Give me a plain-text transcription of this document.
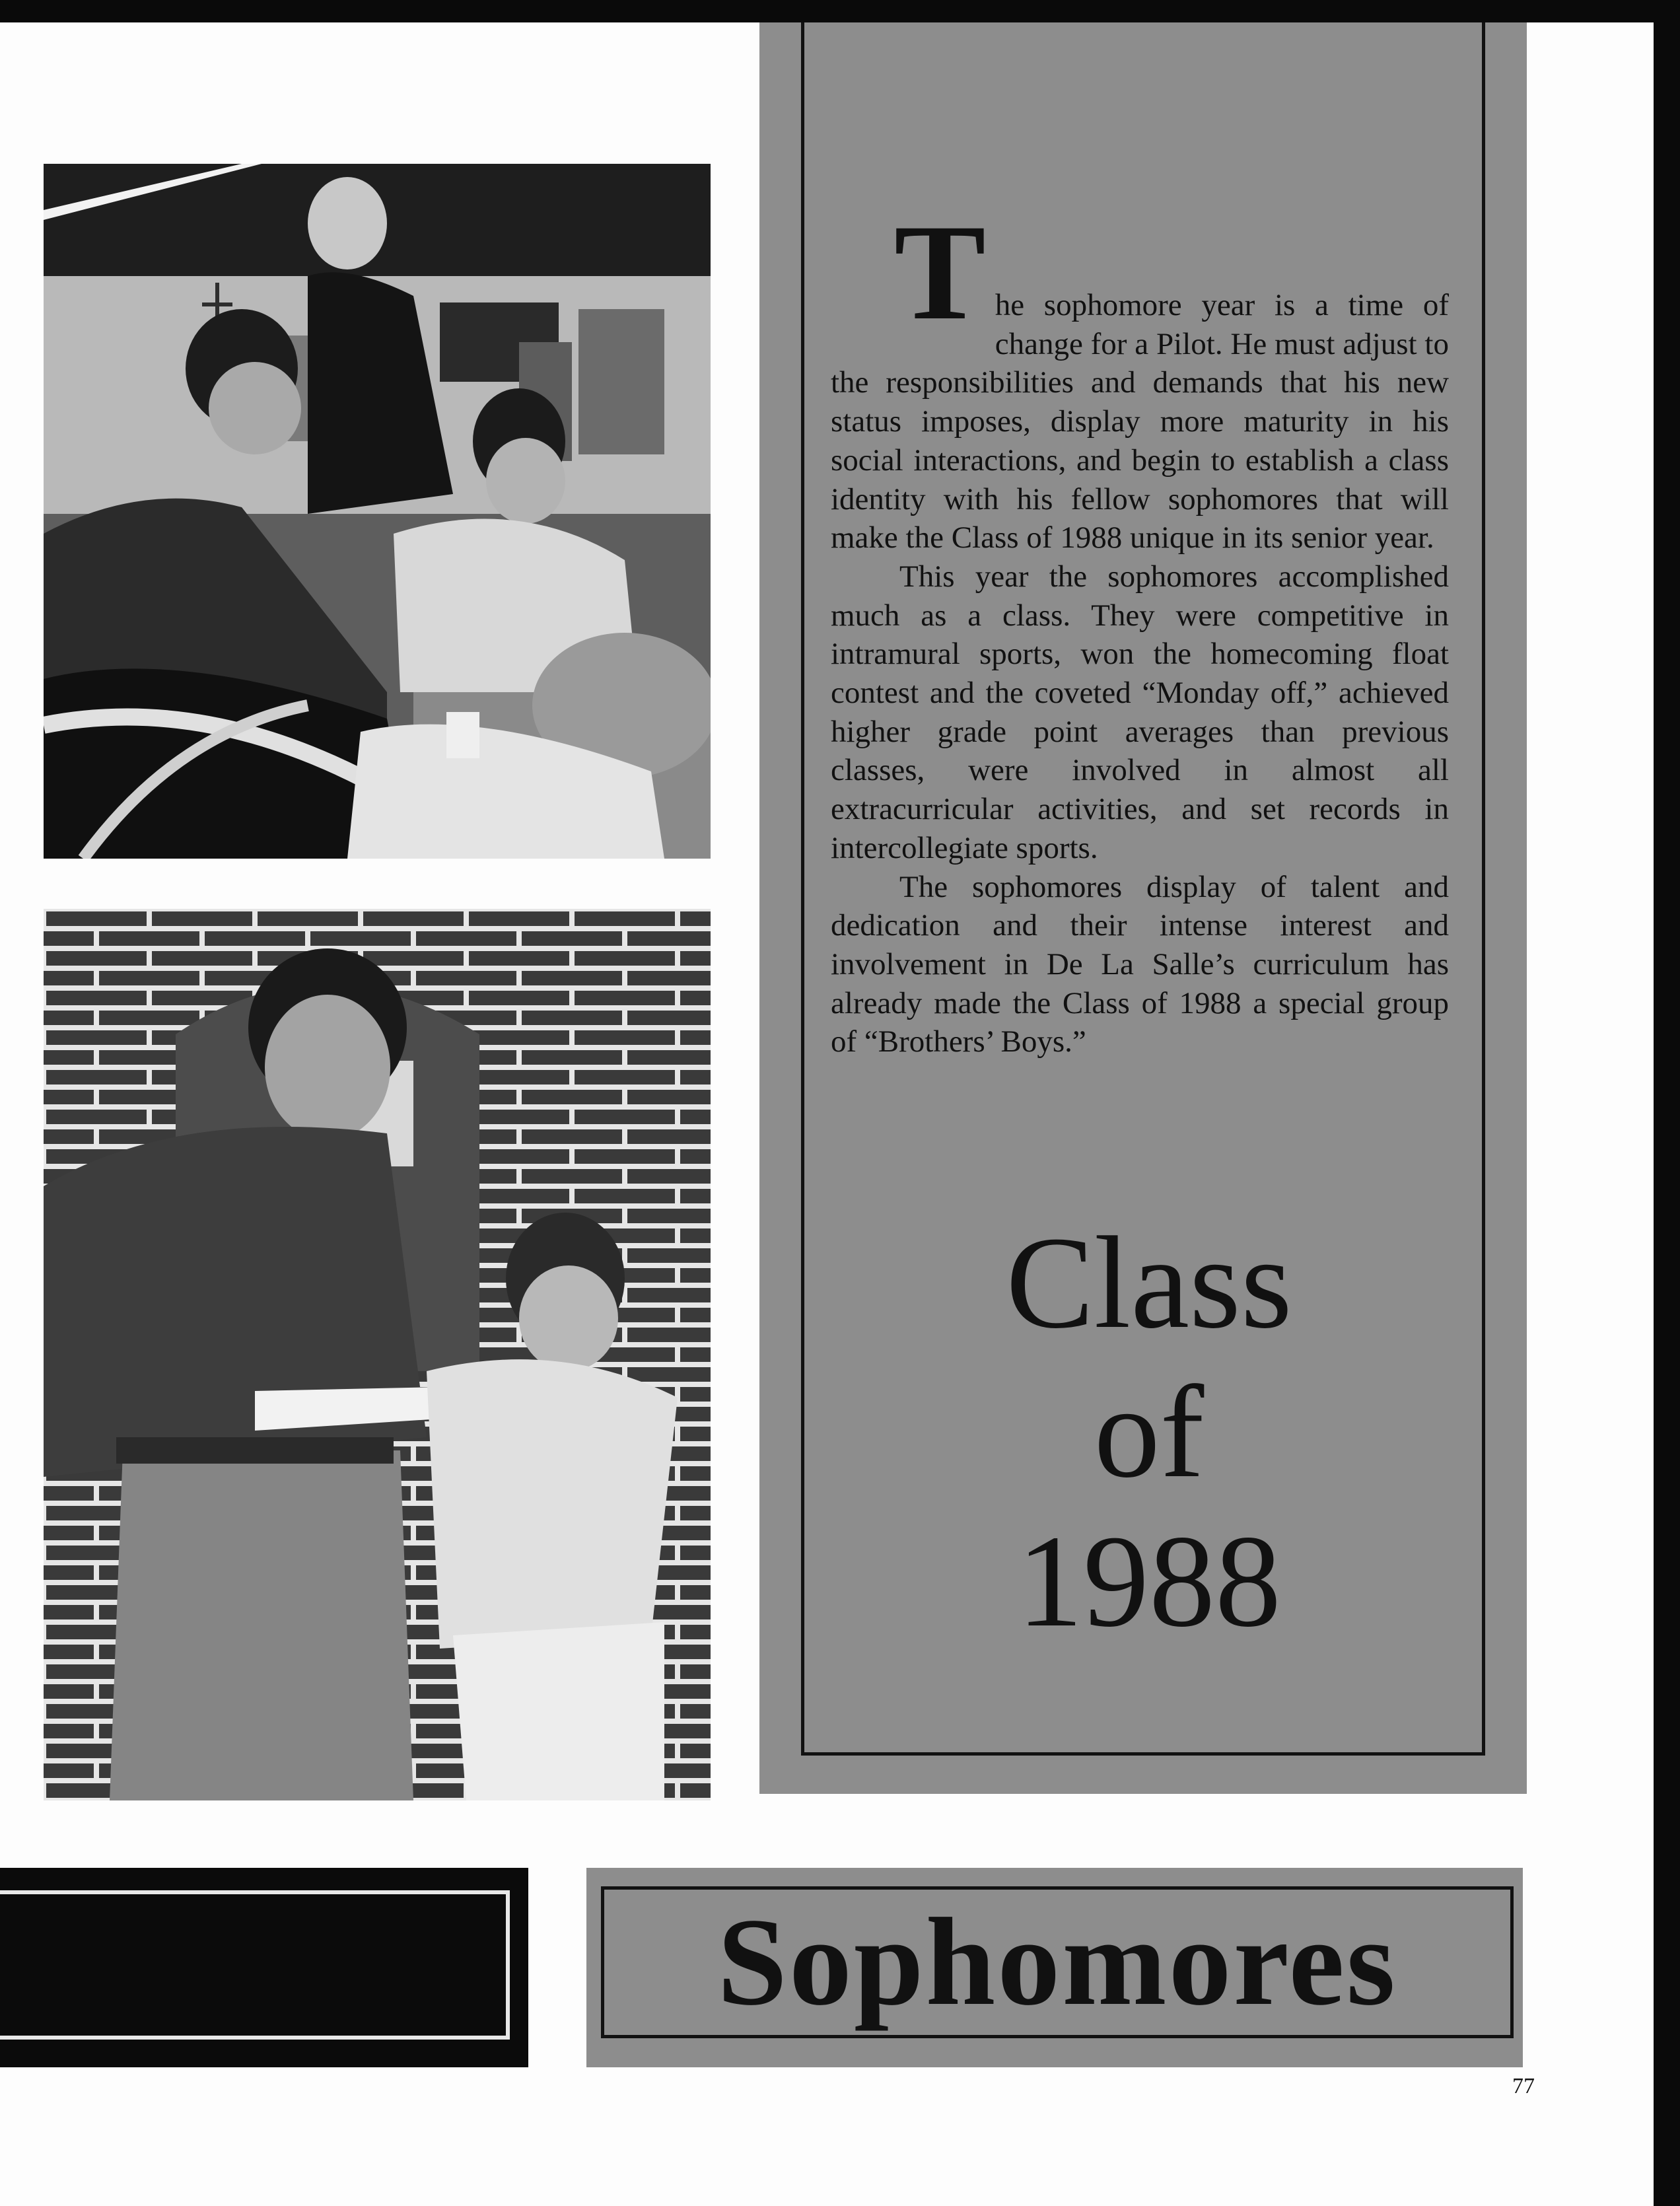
The sophomore year is a time of change for a Pilot. He must adjust to the responsibilities and demands that his new status imposes, display more maturity in his social interactions, and begin to establish a class identity with his fellow sophomores that will make the Class of 1988 unique in its senior year.

This year the sophomores accomplished much as a class. They were competitive in intramural sports, won the homecoming float contest and the coveted “Monday off,” achieved higher grade point averages than previous classes, were involved in almost all extracurricular activities, and set records in intercollegiate sports.

The sophomores display of talent and dedication and their intense interest and involvement in De La Salle’s curriculum has already made the Class of 1988 a special group of “Brothers’ Boys.”

Class
of
1988
Sophomores
77
